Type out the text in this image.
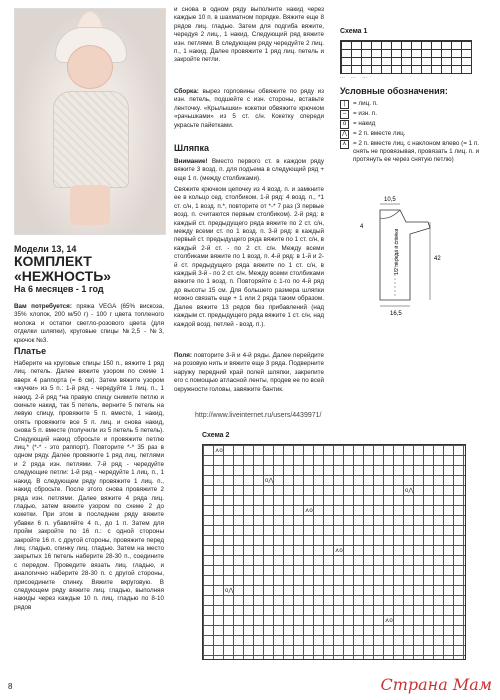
Модели 13, 14
КОМПЛЕКТ «НЕЖНОСТЬ»
На 6 месяцев - 1 год
Вам потребуется: пряжа VEGA (65% вискоза, 35% хлопок, 200 м/50 г) - 100 г цвета топленого молока и остатки светло-розового цвета (для отделки шляпки), круговые спицы №2,5 - №3, крючок №3.
Платье
Наберите на круговые спицы 150 п., вяжите 1 ряд лиц. петель. Далее вяжите узором по схеме 1 вверх 4 раппорта (= 6 см). Затем вяжите узором «жучки» из 5 п.: 1-й ряд - чередуйте 1 лиц. п., 1 накид. 2-й ряд *на правую спицу снимите петлю и скиньте накид, так 5 петель, верните 5 петель на левую спицу, провяжите 5 п. вместе, 1 накид, опять провяжите все 5 п. лиц. и снова накид, снова 5 п. вместе (получили из 5 петель 5 петель). Следующий накид сбросьте и провяжите петлю лиц.* (*-* - это раппорт). Повторите *-* 35 раз в одном ряду. Далее провяжите 1 ряд лиц. петлями и 2 ряда изн. петлями. 7-й ряд - чередуйте следующие петли: 1-й ряд - чередуйте 1 лиц. п., 1 накид. В следующем ряду провяжите 1 лиц. п., накид сбросьте. После этого снова провяжите 2 ряда изн. петлями. Далее вяжите 4 ряда лиц. гладью, затем вяжите узором по схеме 2 до кокетки. При этом в последнем ряду вяжите убавки 6 п. убавляйте 4 п., до 1 п. Затем для пройм закройте по 16 п.: с одной стороны закройте 16 п. с другой стороны, провяжите перед лиц. гладью, спинку лиц. гладью. Затем на место закрытых 16 петель наберите 28-30 п., соедините с передом. Проведите вязать лиц. гладью, и аналогично наберите 28-30 п. с другой стороны, присоедините спинку. Вяжите вкруговую. В следующем ряду вяжите лиц. гладью, выполняя накиды через каждые 10 п. лиц. гладью по 8-10 рядов
и снова в одном ряду выполните накид через каждые 10 п. в шахматном порядке. Вяжите еще 8 рядов лиц. гладью. Затем для подгиба вяжите, чередуя 2 лиц., 1 накид. Следующий ряд вяжите изн. петлями. В следующем ряду чередуйте 2 лиц. п., 1 накид. Далее провяжите 1 ряд лиц. петель и закройте петли.
Сборка: вырез горловины обвяжите по ряду из изн. петель, подшейте с изн. стороны, вставьте ленточку. «Крылышки» кокетки обвяжите крючком «рачьшками» из 5 ст. с/н. Кокетку спереди украсьте пайетками.
Шляпка
Внимание! Вместо первого ст. в каждом ряду вяжите 3 возд. п. для подъема в следующий ряд + еще 1 п. (между столбиками).
Свяжите крючком цепочку из 4 возд. п. и замкните ее в кольцо сед. столбиком. 1-й ряд: 4 возд. п., *1 ст. с/н, 1 возд. п.*, повторите от *-* 7 раз (3 первые возд. п. считаются первым столбиком). 2-й ряд: в каждый ст. предыдущего ряда вяжите по 2 ст. с/н, между всеми ст. по 1 возд. п. 3-й ряд: в каждый первый ст. предыдущего ряда вяжите по 1 ст. с/н, в каждый 2-й ст. - по 2 ст. с/н. Между всеми столбиками вяжите по 1 возд. п. 4-й ряд: в 1-й и 2-й ст. предыдущего ряда вяжите по 1 ст. с/н, в каждый 3-й - по 2 ст. с/н. Между всеми столбиками вяжите по 1 возд. п. Повторяйте с 1-го по 4-й ряд до высоты 15 см. Для большего размера шляпки можно связать еще + 1 или 2 ряда таким образом. Далее вяжите 13 рядов без прибавлений (над каждым ст. предыдущего ряда вяжите 1 ст. с/н, над каждой возд. петлей - возд. п.).
Поля: повторите 3-й и 4-й ряды. Далее перейдите на розовую нить и вяжите еще 3 ряда. Подверните наружу передний край полей шляпки, закрепите его с помощью атласной ленты, продев ее по всей окружности головы, завяжите бантик.
Схема 1
………
Условные обозначения:
|	= лиц. п.
–	= изн. п.
о	= накид
⋀ = 2 п. вместе лиц.
⋏ = 2 п. вместе лиц. с наклоном влево (= 1 п. снять не провязывая, провязать 1 лиц. п. и протянуть ее через снятую петлю)
10,5
4
42
16,5
1/2 переда и спинки
http://www.liveinternet.ru/users/4439971/
Схема 2
⋏о
о⋀
⋏о
о⋀
⋏о
о⋀
⋏о
8	Страна Мам
